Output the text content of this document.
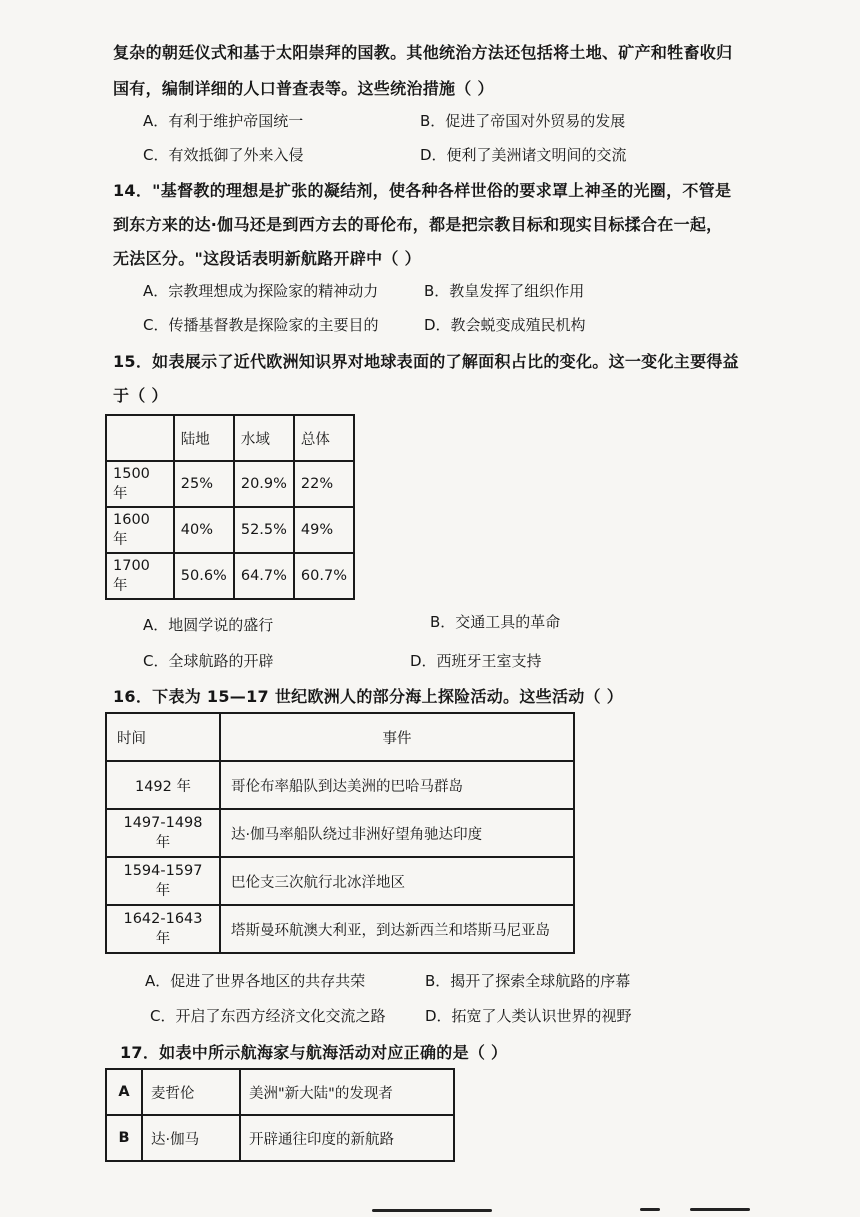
复杂的朝廷仪式和基于太阳崇拜的国教。其他统治方法还包括将土地、矿产和牲畜收归
国有，编制详细的人口普查表等。这些统治措施（ ）
A．有利于维护帝国统一	B．促进了帝国对外贸易的发展
C．有效抵御了外来入侵	D．便利了美洲诸文明间的交流
14．"基督教的理想是扩张的凝结剂，使各种各样世俗的要求罩上神圣的光圈，不管是
到东方来的达·伽马还是到西方去的哥伦布，都是把宗教目标和现实目标揉合在一起，
无法区分。"这段话表明新航路开辟中（ ）
A．宗教理想成为探险家的精神动力	B．教皇发挥了组织作用
C．传播基督教是探险家的主要目的	D．教会蜕变成殖民机构
15．如表展示了近代欧洲知识界对地球表面的了解面积占比的变化。这一变化主要得益
于（ ）
	陆地	水域	总体
1500 年	25%	20.9%	22%
1600 年	40%	52.5%	49%
1700 年	50.6%	64.7%	60.7%
A．地圆学说的盛行	B．交通工具的革命
C．全球航路的开辟	D．西班牙王室支持
16．下表为 15—17 世纪欧洲人的部分海上探险活动。这些活动（ ）
时间	事件
1492 年	哥伦布率船队到达美洲的巴哈马群岛
1497-1498 年	达·伽马率船队绕过非洲好望角驰达印度
1594-1597 年	巴伦支三次航行北冰洋地区
1642-1643 年	塔斯曼环航澳大利亚，到达新西兰和塔斯马尼亚岛
A．促进了世界各地区的共存共荣	B．揭开了探索全球航路的序幕
C．开启了东西方经济文化交流之路	D．拓宽了人类认识世界的视野
17．如表中所示航海家与航海活动对应正确的是（ ）
A	麦哲伦	美洲"新大陆"的发现者
B	达·伽马	开辟通往印度的新航路
